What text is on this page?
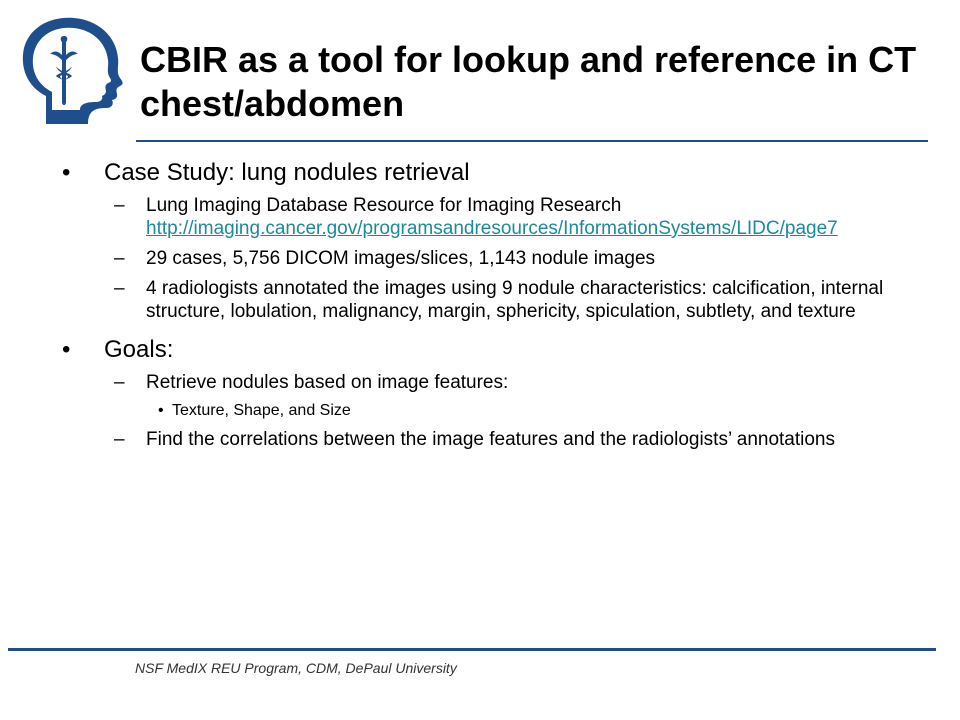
CBIR as a tool for lookup and reference in CT chest/abdomen
• Case Study: lung nodules retrieval
– Lung Imaging Database Resource for Imaging Research
http://imaging.cancer.gov/programsandresources/InformationSystems/LIDC/page7
– 29 cases, 5,756 DICOM images/slices, 1,143 nodule images
– 4 radiologists annotated the images using 9 nodule characteristics: calcification, internal structure, lobulation, malignancy, margin, sphericity, spiculation, subtlety, and texture
• Goals:
– Retrieve nodules based on image features:
• Texture, Shape, and Size
– Find the correlations between the image features and the radiologists’ annotations
NSF MedIX REU Program, CDM, DePaul University
